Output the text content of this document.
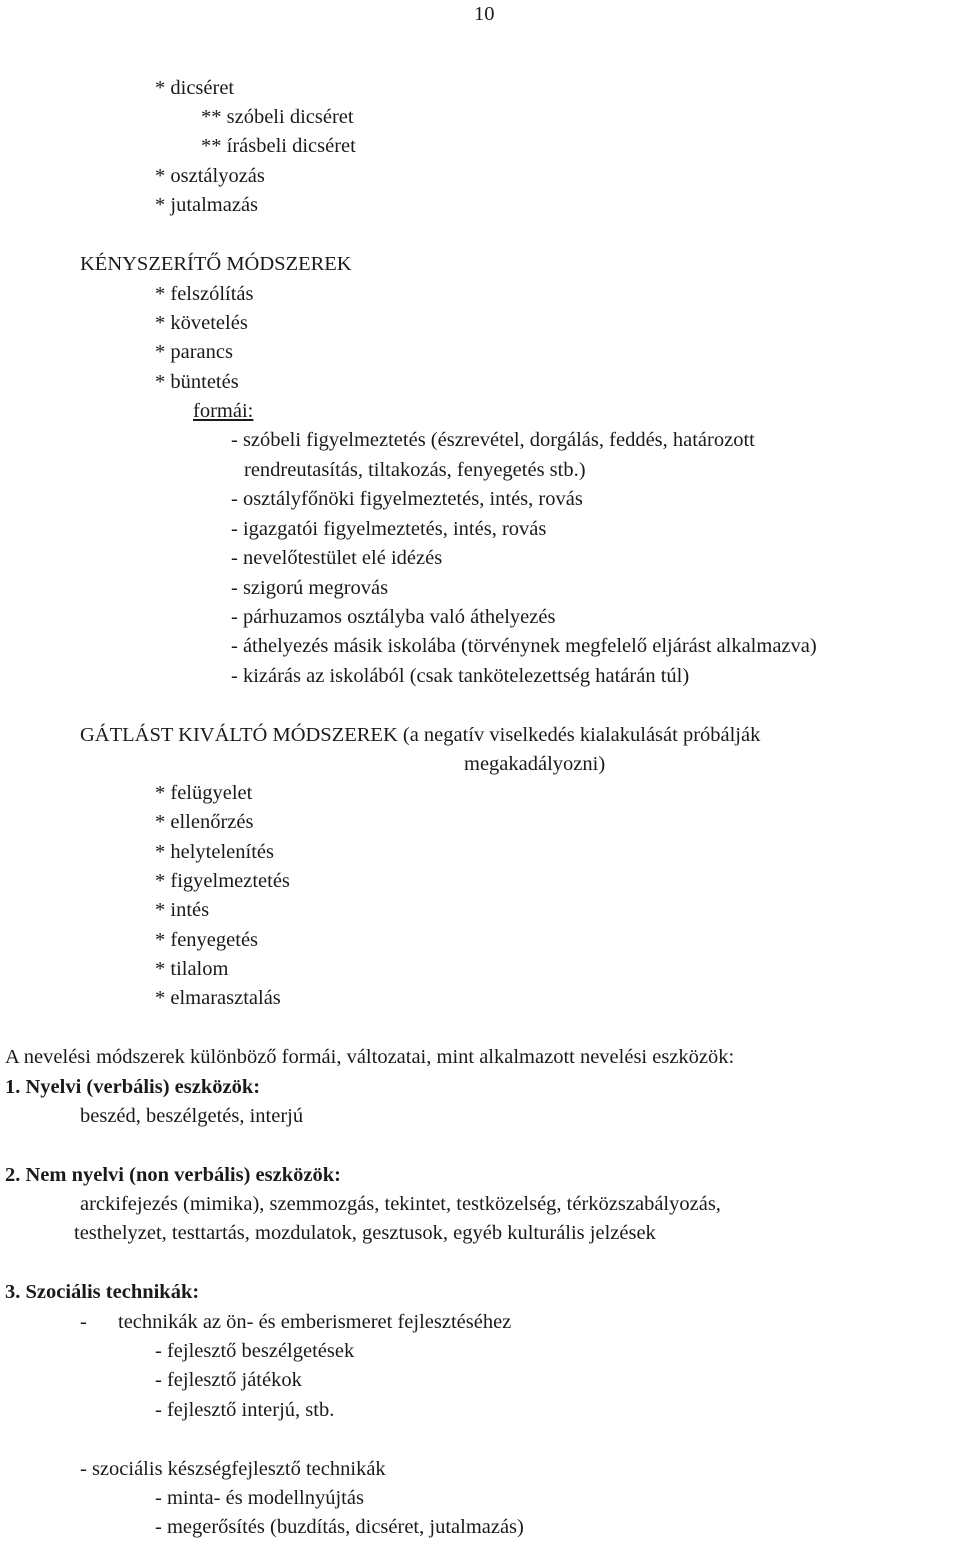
10
* dicséret
** szóbeli dicséret
** írásbeli dicséret
* osztályozás
* jutalmazás
KÉNYSZERÍTŐ MÓDSZEREK
* felszólítás
* követelés
* parancs
* büntetés
formái:
- szóbeli figyelmeztetés (észrevétel, dorgálás, feddés, határozott
rendreutasítás, tiltakozás, fenyegetés stb.)
- osztályfőnöki figyelmeztetés, intés, rovás
- igazgatói figyelmeztetés, intés, rovás
- nevelőtestület elé idézés
- szigorú megrovás
- párhuzamos osztályba való áthelyezés
- áthelyezés másik iskolába (törvénynek megfelelő eljárást alkalmazva)
- kizárás az iskolából (csak tankötelezettség határán túl)
GÁTLÁST KIVÁLTÓ MÓDSZEREK (a negatív viselkedés kialakulását próbálják
megakadályozni)
* felügyelet
* ellenőrzés
* helytelenítés
* figyelmeztetés
* intés
* fenyegetés
* tilalom
* elmarasztalás
A nevelési módszerek különböző formái, változatai, mint alkalmazott nevelési eszközök:
1. Nyelvi (verbális) eszközök:
beszéd, beszélgetés, interjú
2. Nem nyelvi (non verbális) eszközök:
arckifejezés (mimika), szemmozgás, tekintet, testközelség, térközszabályozás,
testhelyzet, testtartás, mozdulatok, gesztusok, egyéb kulturális jelzések
3. Szociális technikák:
- technikák az ön- és emberismeret fejlesztéséhez
- fejlesztő beszélgetések
- fejlesztő játékok
- fejlesztő interjú, stb.
- szociális készségfejlesztő technikák
- minta- és modellnyújtás
- megerősítés (buzdítás, dicséret, jutalmazás)
